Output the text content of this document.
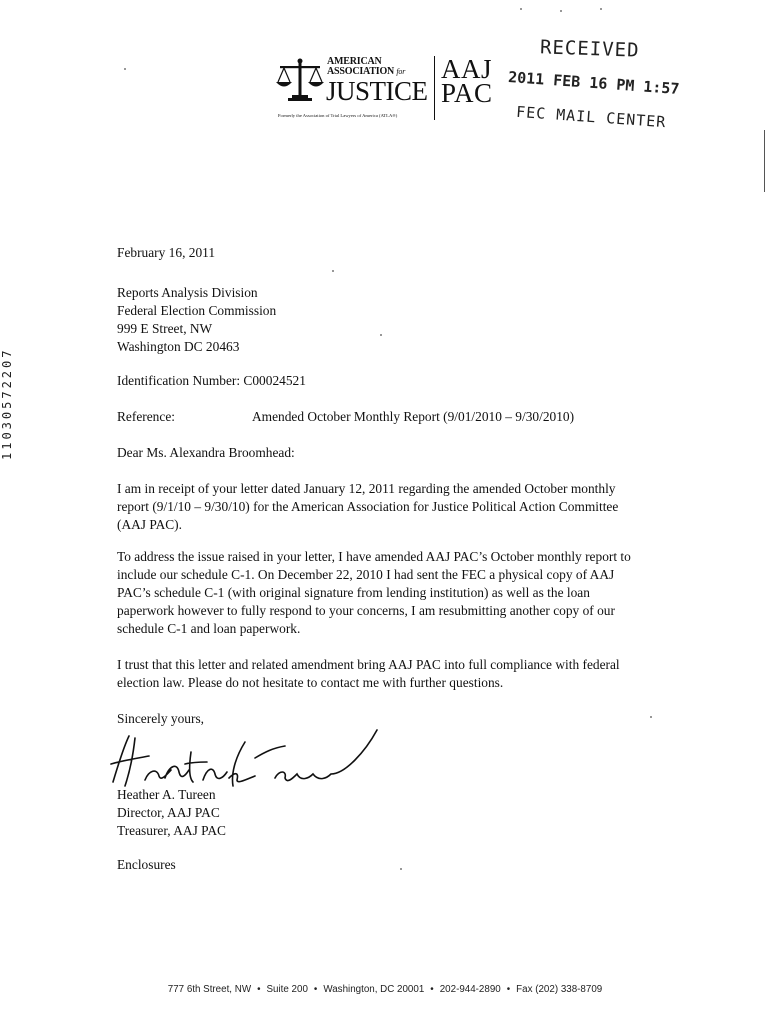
AMERICAN
ASSOCIATION for
JUSTICE
Formerly the Association of Trial Lawyers of America (ATLA®)
AAJ
PAC
RECEIVED
2011 FEB 16 PM 1:57
FEC MAIL CENTER
11030572207

February 16, 2011

Reports Analysis Division

Federal Election Commission

999 E Street, NW

Washington DC 20463

Identification Number: C00024521

Reference:	Amended October Monthly Report (9/01/2010 – 9/30/2010)

Dear Ms. Alexandra Broomhead:

I am in receipt of your letter dated January 12, 2011 regarding the amended October monthly report (9/1/10 – 9/30/10) for the American Association for Justice Political Action Committee (AAJ PAC).

To address the issue raised in your letter, I have amended AAJ PAC’s October monthly report to include our schedule C-1. On December 22, 2010 I had sent the FEC a physical copy of AAJ PAC’s schedule C-1 (with original signature from lending institution) as well as the loan paperwork however to fully respond to your concerns, I am resubmitting another copy of our schedule C-1 and loan paperwork.

I trust that this letter and related amendment bring AAJ PAC into full compliance with federal election law. Please do not hesitate to contact me with further questions.

Sincerely yours,

Heather A. Tureen

Director, AAJ PAC

Treasurer, AAJ PAC

Enclosures

777 6th Street, NW • Suite 200 • Washington, DC 20001 • 202-944-2890 • Fax (202) 338-8709
